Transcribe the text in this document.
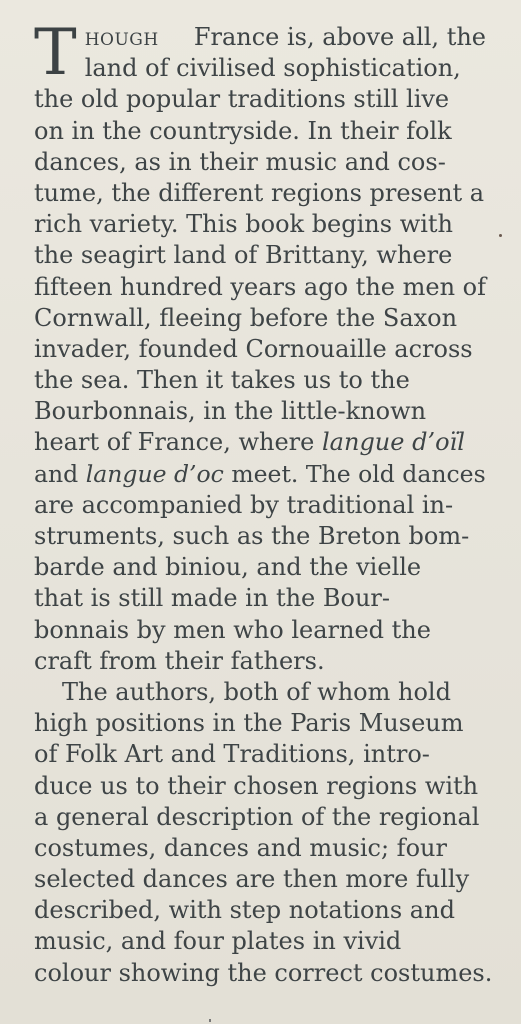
T HOUGH France is, above all, the
land of civilised sophistication,
the old popular traditions still live
on in the countryside. In their folk
dances, as in their music and cos-
tume, the different regions present a
rich variety. This book begins with
the seagirt land of Brittany, where
fifteen hundred years ago the men of
Cornwall, fleeing before the Saxon
invader, founded Cornouaille across
the sea. Then it takes us to the
Bourbonnais, in the little-known
heart of France, where langue d’oïl
and langue d’oc meet. The old dances
are accompanied by traditional in-
struments, such as the Breton bom-
barde and biniou, and the vielle
that is still made in the Bour-
bonnais by men who learned the
craft from their fathers.
The authors, both of whom hold
high positions in the Paris Museum
of Folk Art and Traditions, intro-
duce us to their chosen regions with
a general description of the regional
costumes, dances and music; four
selected dances are then more fully
described, with step notations and
music, and four plates in vivid
colour showing the correct costumes.
